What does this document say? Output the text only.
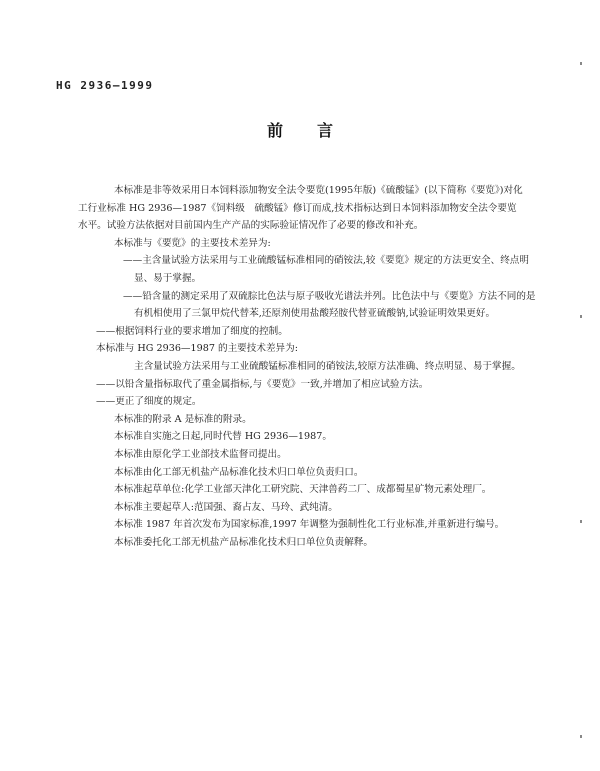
HG 2936—1999
前言
本标准是非等效采用日本饲料添加物安全法令要览(1995年版)《硫酸锰》(以下简称《要览》)对化
工行业标准 HG 2936—1987《饲料级　硫酸锰》修订而成,技术指标达到日本饲料添加物安全法令要览
水平。试验方法依据对目前国内生产产品的实际验证情况作了必要的修改和补充。
本标准与《要览》的主要技术差异为:
——主含量试验方法采用与工业硫酸锰标准相同的硝铵法,较《要览》规定的方法更安全、终点明
显、易于掌握。
——铅含量的测定采用了双硫腙比色法与原子吸收光谱法并列。比色法中与《要览》方法不同的是
有机相使用了三氯甲烷代替苯,还原剂使用盐酸羟胺代替亚硫酸钠,试验证明效果更好。
——根据饲料行业的要求增加了细度的控制。
本标准与 HG 2936—1987 的主要技术差异为:
主含量试验方法采用与工业硫酸锰标准相同的硝铵法,较原方法准确、终点明显、易于掌握。
——以铅含量指标取代了重金属指标,与《要览》一致,并增加了相应试验方法。
——更正了细度的规定。
本标准的附录 A 是标准的附录。
本标准自实施之日起,同时代替 HG 2936—1987。
本标准由原化学工业部技术监督司提出。
本标准由化工部无机盐产品标准化技术归口单位负责归口。
本标准起草单位:化学工业部天津化工研究院、天津兽药二厂、成都蜀星矿物元素处理厂。
本标准主要起草人:范国强、裔占友、马玲、武纯清。
本标准 1987 年首次发布为国家标准,1997 年调整为强制性化工行业标准,并重新进行编号。
本标准委托化工部无机盐产品标准化技术归口单位负责解释。
